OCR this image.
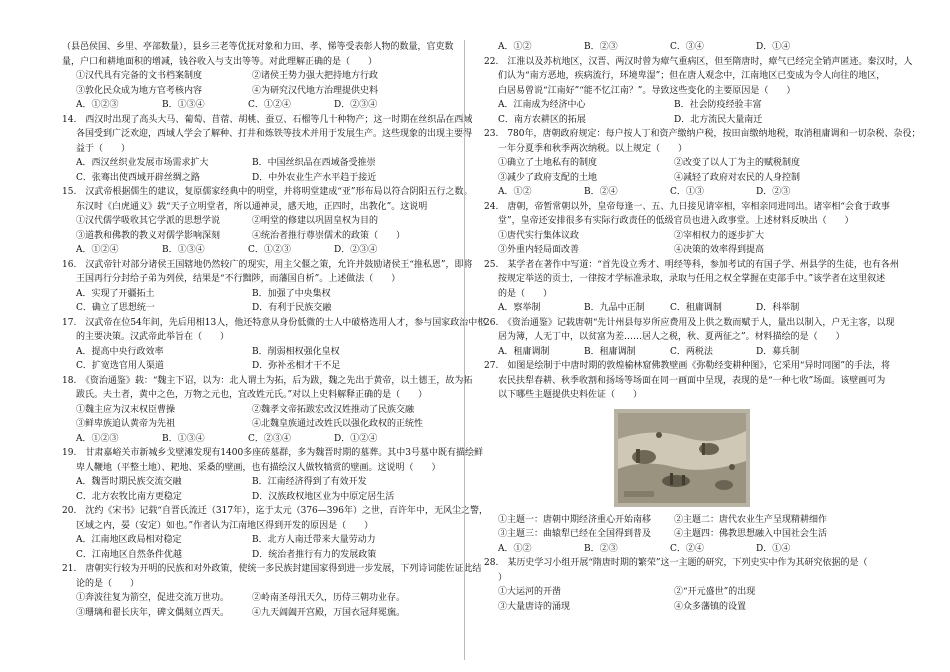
（县邑侯国、乡里、亭部数量），县乡三老等优抚对象和力田、孝、悌等受表彰人物的数量，官吏数
量，户口和耕地面积的增减，钱谷收入与支出等等。对此理解正确的是（　　）
①汉代具有完备的文书档案制度	②诸侯王势力强大把持地方行政
③敦化民众成为地方官考核内容	④为研究汉代地方治理提供史料
A．①②③	B．①③④	C．①②④	D．②③④
14.　西汉时出现了高头大马、葡萄、苜蓿、胡桃、蚕豆、石榴等几十种物产；这一时期在丝织品在西域
各国受到广泛欢迎，西域人学会了解种、打井和炼铁等技术并用于发展生产。这些现象的出现主要得
益于（　　）
A．西汉丝织业发展市场需求扩大	B．中国丝织品在西域备受推崇
C．张骞出使西域开辟丝绸之路	D．中外农业生产水平趋于接近
15.　汉武帝根据儒生的建议，复原儒家经典中的明堂，并将明堂建成“亚”形布局以符合阴阳五行之数。
东汉时《白虎通义》载“天子立明堂者，所以通神灵，感天地，正四时，出教化”。这说明
①汉代儒学吸收其它学派的思想学说	②明堂的修建以巩固皇权为目的
③道教和佛教的教义对儒学影响深刻	④统治者推行尊崇儒术的政策（　　）
A．①②④	B．①③④	C．①②③	D．②③④
16.　汉武帝针对部分诸侯王国辖地仍然较广的现实，用主父偃之策，允许并鼓励诸侯王“推私恩”，即将
王国再行分封给子弟为列侯，结果是“不行黜陟，而藩国自析”。上述做法（　　）
A．实现了开疆拓土	B．加强了中央集权
C．确立了思想统一	D．有利于民族交融
17.　汉武帝在位54年间，先后用相13人，他还特意从身份低微的士人中破格选用人才，参与国家政治中枢
的主要决策。汉武帝此举旨在（　　）
A．提高中央行政效率	B．削弱相权强化皇权
C．扩宽选官用人渠道	D．弥补丞相才干不足
18.　《资治通鉴》载：“魏主下诏，以为：北人谓土为拓，后为跋，魏之先出于黄帝，以土德王，故为拓
跋氏。夫土者，黄中之色，万物之元也，宜改姓元氏。”对以上史料解释正确的是（　　）
①魏主应为汉末权臣曹操	②魏孝文帝拓跋宏改汉姓推动了民族交融
③鲜卑族追认黄帝为先祖	④北魏皇族通过改姓氏以强化政权的正统性
A．①②③	B．①③④	C．②③④	D．①②④
19.　甘肃嘉峪关市新城乡戈壁滩发现有1400多座砖墓群，多为魏晋时期的墓葬。其中3号墓中既有描绘鲜
卑人鞭地（平整土地）、耙地、采桑的壁画，也有描绘汉人做牧犒赏的壁画。这说明（　　）
A．魏晋时期民族交流交融	B．江南经济得到了有效开发
C．北方农牧比南方更稳定	D．汉族政权地区业为中原定居生活
20.　沈约《宋书》记载“自晋氏流迁（317年），迄于太元（376—396年）之世，百许年中，无风尘之警，
区域之内，晏（安定）如也。”作者认为江南地区得到开发的原因是（　　）
A．江南地区政局相对稳定	B．北方人南迁带来大量劳动力
C．江南地区自然条件优越	D．统治者推行有力的发展政策
21.　唐朝实行较为开明的民族和对外政策，使统一多民族封建国家得到进一步发展，下列诗词能佐证此结
论的是（　　）
①奔波往复为箭空，促进交流万世功。	②岭南圣母汛天久，历侍三朝功业存。
③珊璃和翟长庆年，碑文偶刻立西天。	④九天阊阖开宫殿，万国衣冠拜冕旒。
A．①②	B．②③	C．③④	D．①④
22.　江淮以及苏杭地区，汉晋、两汉时曾为瘴气重病区，但至隋唐时，瘴气已经完全销声匿迹。秦汉时，人
们认为“南方恶地，疾病流行，环境卑湿”；但在唐人观念中，江南地区已变成为令人向往的地区，
白居易曾说“江南好”“能不忆江南？”。导致这些变化的主要原因是（　　）
A．江南成为经济中心	B．社会防疫经验丰富
C．南方农耕区的拓展	D．北方流民大量南迁
23.　780年，唐朝政府规定：每户按人丁和资产缴纳户税，按田亩缴纳地税，取消租庸调和一切杂税、杂役；
一年分夏季和秋季两次纳税。以上规定（　　）
①确立了土地私有的制度	②改变了以人丁为主的赋税制度
③减少了政府支配的土地	④减轻了政府对农民的人身控制
A．①②	B．②④	C．①③	D．②③
24.　唐朝，帝暂常朝以外，皇帝每逢一、五、九日接见请宰相，宰相亲同进同出。诸宰相“会食于政事
堂”，皇帝还安排很多有实际行政责任的低级官员也进入政事堂。上述材料反映出（　　）
①唐代实行集体议政	②宰相权力的逐步扩大
③外重内轻局面改善	④决策的效率得到提高
25.　某学者在著作中写道：“首先设立秀才、明经等科，参加考试的有国子学、州县学的生徒，也有各州
按规定举送的贡士，一律按才学标准录取，录取与任用之权全掌握在吏部手中。”该学者在这里叙述
的是（　　）
A．察举制	B．九品中正制	C．租庸调制	D．科举制
26.　《资治通鉴》记载唐朝“先计州县每岁所应费用及上供之数而赋于人，量出以制入，户无主客，以现
居为簿，人无丁中，以贫富为差……居人之税，秋、夏两征之”。材料描绘的是（　　）
A．租庸调制	B．租庸调制	C．两税法	D．募兵制
27.　如图是绘制于中唐时期的敦煌榆林窟佛教壁画《弥勒经变耕种图》，它采用“异时同图”的手法，将
农民扶犁春耕、秋季收割和扬场等场面在同一画面中呈现，表现的是“一种七收”场面。该壁画可为
以下哪些主题提供史料佐证（　　）
①主题一：唐朝中期经济重心开始南移	②主题二：唐代农业生产呈现精耕细作
③主题三：曲辕犁已经在全国得到普及	④主题四：佛教思想融入中国社会生活
A．①②	B．②③	C．②④	D．①④
28.　某历史学习小组开展“隋唐时期的繁荣”这一主题的研究，下列史实中作为其研究依据的是（
）
①大运河的开凿	②“开元盛世”的出现
③大量唐诗的涌现	④众多藩镇的设置
